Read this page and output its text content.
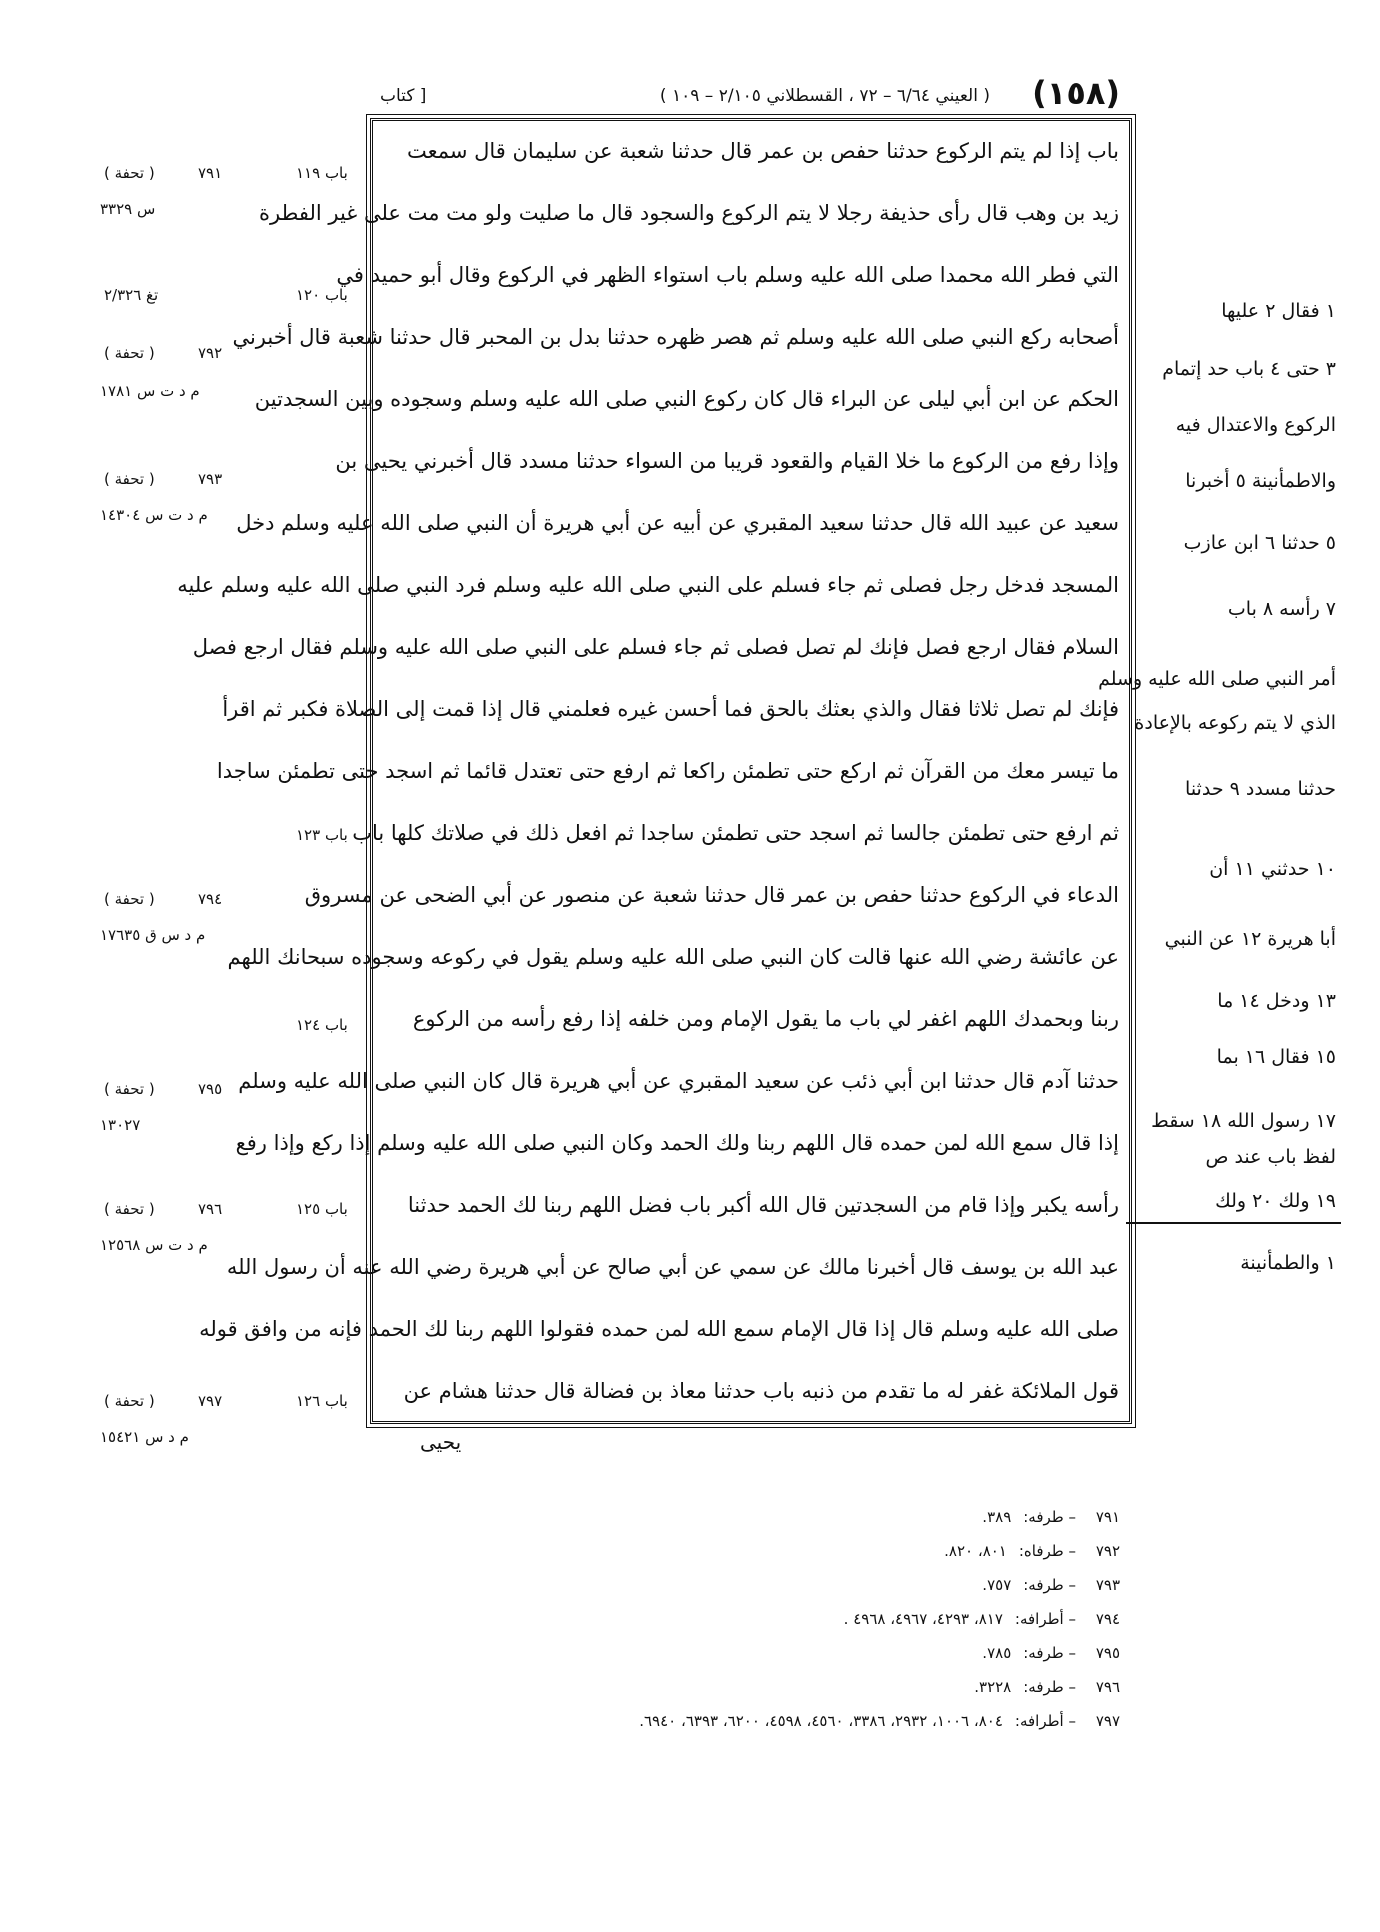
(١٥٨)
( العيني ٦/٦٤ – ٧٢ ، القسطلاني ٢/١٠٥ – ١٠٩ )
[ كتاب
باب إذا لم يتم الركوع حدثنا حفص بن عمر قال حدثنا شعبة عن سليمان قال سمعت
زيد بن وهب قال رأى حذيفة رجلا لا يتم الركوع والسجود قال ما صليت ولو مت مت على غير الفطرة
التي فطر الله محمدا صلى الله عليه وسلم باب استواء الظهر في الركوع وقال أبو حميد في
أصحابه ركع النبي صلى الله عليه وسلم ثم هصر ظهره حدثنا بدل بن المحبر قال حدثنا شعبة قال أخبرني
الحكم عن ابن أبي ليلى عن البراء قال كان ركوع النبي صلى الله عليه وسلم وسجوده وبين السجدتين
وإذا رفع من الركوع ما خلا القيام والقعود قريبا من السواء حدثنا مسدد قال أخبرني يحيى بن
سعيد عن عبيد الله قال حدثنا سعيد المقبري عن أبيه عن أبي هريرة أن النبي صلى الله عليه وسلم دخل
المسجد فدخل رجل فصلى ثم جاء فسلم على النبي صلى الله عليه وسلم فرد النبي صلى الله عليه وسلم عليه
السلام فقال ارجع فصل فإنك لم تصل فصلى ثم جاء فسلم على النبي صلى الله عليه وسلم فقال ارجع فصل
فإنك لم تصل ثلاثا فقال والذي بعثك بالحق فما أحسن غيره فعلمني قال إذا قمت إلى الصلاة فكبر ثم اقرأ
ما تيسر معك من القرآن ثم اركع حتى تطمئن راكعا ثم ارفع حتى تعتدل قائما ثم اسجد حتى تطمئن ساجدا
ثم ارفع حتى تطمئن جالسا ثم اسجد حتى تطمئن ساجدا ثم افعل ذلك في صلاتك كلها باب
الدعاء في الركوع حدثنا حفص بن عمر قال حدثنا شعبة عن منصور عن أبي الضحى عن مسروق
عن عائشة رضي الله عنها قالت كان النبي صلى الله عليه وسلم يقول في ركوعه وسجوده سبحانك اللهم
ربنا وبحمدك اللهم اغفر لي باب ما يقول الإمام ومن خلفه إذا رفع رأسه من الركوع
حدثنا آدم قال حدثنا ابن أبي ذئب عن سعيد المقبري عن أبي هريرة قال كان النبي صلى الله عليه وسلم
إذا قال سمع الله لمن حمده قال اللهم ربنا ولك الحمد وكان النبي صلى الله عليه وسلم إذا ركع وإذا رفع
رأسه يكبر وإذا قام من السجدتين قال الله أكبر باب فضل اللهم ربنا لك الحمد حدثنا
عبد الله بن يوسف قال أخبرنا مالك عن سمي عن أبي صالح عن أبي هريرة رضي الله عنه أن رسول الله
صلى الله عليه وسلم قال إذا قال الإمام سمع الله لمن حمده فقولوا اللهم ربنا لك الحمد فإنه من وافق قوله
قول الملائكة غفر له ما تقدم من ذنبه باب حدثنا معاذ بن فضالة قال حدثنا هشام عن
باب ١١٩
٧٩١
( تحفة )
س ٣٣٢٩
باب ١٢٠
تغ ٢/٣٢٦
٧٩٢
( تحفة )
م د ت س ١٧٨١
٧٩٣
( تحفة )
م د ت س ١٤٣٠٤
باب ١٢٣
٧٩٤
( تحفة )
م د س ق ١٧٦٣٥
باب ١٢٤
٧٩٥
( تحفة )
١٣٠٢٧
باب ١٢٥
٧٩٦
( تحفة )
م د ت س ١٢٥٦٨
باب ١٢٦
٧٩٧
( تحفة )
م د س ١٥٤٢١
١ فقال ٢ عليها
٣ حتى ٤ باب حد إتمام
الركوع والاعتدال فيه
والاطمأنينة ٥ أخبرنا
٥ حدثنا ٦ ابن عازب
٧ رأسه ٨ باب
أمر النبي صلى الله عليه وسلم
الذي لا يتم ركوعه بالإعادة
حدثنا مسدد ٩ حدثنا
١٠ حدثني ١١ أن
أبا هريرة ١٢ عن النبي
١٣ ودخل ١٤ ما
١٥ فقال ١٦ بما
١٧ رسول الله ١٨ سقط
لفظ باب عند ص
١٩ ولك ٢٠ ولك
١ والطمأنينة
يحيى
٧٩١– طرفه:٣٨٩.
٧٩٢– طرفاه:٨٠١، ٨٢٠.
٧٩٣– طرفه:٧٥٧.
٧٩٤– أطرافه:٨١٧، ٤٢٩٣، ٤٩٦٧، ٤٩٦٨ .
٧٩٥– طرفه:٧٨٥.
٧٩٦– طرفه:٣٢٢٨.
٧٩٧– أطرافه:٨٠٤، ١٠٠٦، ٢٩٣٢، ٣٣٨٦، ٤٥٦٠، ٤٥٩٨، ٦٢٠٠، ٦٣٩٣، ٦٩٤٠.
